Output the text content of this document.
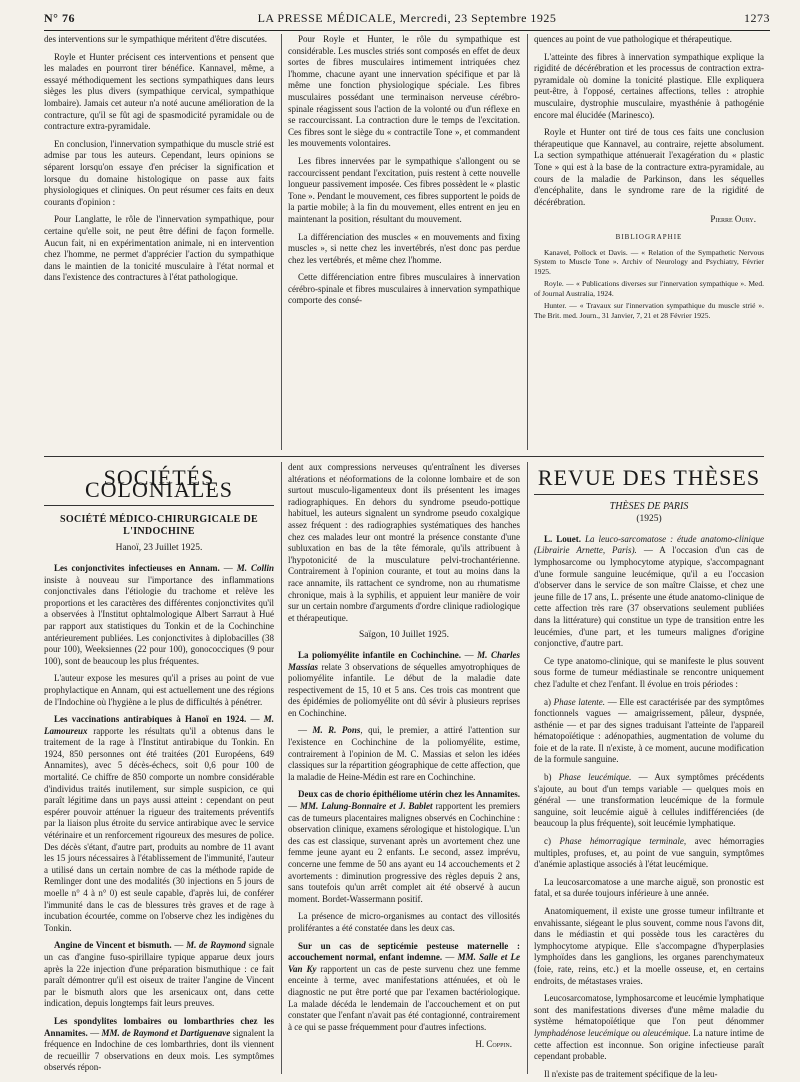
N° 76	LA PRESSE MÉDICALE, Mercredi, 23 Septembre 1925	1273

des interventions sur le sympathique méritent d'être discutées.

Royle et Hunter précisent ces interventions et pensent que les malades en pourront tirer bénéfice. Kannavel, même, a essayé méthodiquement les sections sympathiques dans leurs sièges les plus divers (sympathique cervical, sympathique lombaire). Jamais cet auteur n'a noté aucune amélioration de la contracture, qu'il se fût agi de spasmodicité pyramidale ou de contracture extra-pyramidale.

En conclusion, l'innervation sympathique du muscle strié est admise par tous les auteurs. Cependant, leurs opinions se séparent lorsqu'on essaye d'en préciser la signification et lorsque du domaine histologique on passe aux faits physiologiques et cliniques. On peut résumer ces faits en deux courants d'opinion :

Pour Langlatte, le rôle de l'innervation sympathique, pour certaine qu'elle soit, ne peut être défini de façon formelle. Aucun fait, ni en expérimentation animale, ni en intervention chez l'homme, ne permet d'apprécier l'action du sympathique dans le maintien de la tonicité musculaire à l'état normal et dans l'existence des contractures à l'état pathologique.

Pour Royle et Hunter, le rôle du sympathique est considérable. Les muscles striés sont composés en effet de deux sortes de fibres musculaires intimement intriquées chez l'homme, chacune ayant une innervation spécifique et par là même une fonction physiologique spéciale. Les fibres musculaires possédant une terminaison nerveuse cérébro-spinale réagissent sous l'action de la volonté ou d'un réflexe en se raccourcissant. La contraction dure le temps de l'excitation. Ces fibres sont le siège du « contractile Tone », et commandent les mouvements volontaires.

Les fibres innervées par le sympathique s'allongent ou se raccourcissent pendant l'excitation, puis restent à cette nouvelle longueur passivement imposée. Ces fibres possèdent le « plastic Tone ». Pendant le mouvement, ces fibres supportent le poids de la partie mobile; à la fin du mouvement, elles entrent en jeu en maintenant la position, résultant du mouvement.

La différenciation des muscles « en mouvements and fixing muscles », si nette chez les invertébrés, n'est donc pas perdue chez les vertébrés, et même chez l'homme.

Cette différenciation entre fibres musculaires à innervation cérébro-spinale et fibres musculaires à innervation sympathique comporte des consé-

quences au point de vue pathologique et thérapeutique.

L'atteinte des fibres à innervation sympathique explique la rigidité de décérébration et les processus de contraction extra-pyramidale où domine la tonicité plastique. Elle expliquera peut-être, à l'opposé, certaines affections, telles : atrophie musculaire, dystrophie musculaire, myasthénie à pathogénie encore mal élucidée (Marinesco).

Royle et Hunter ont tiré de tous ces faits une conclusion thérapeutique que Kannavel, au contraire, rejette absolument. La section sympathique atténuerait l'exagération du « plastic Tone » qui est à la base de la contracture extra-pyramidale, au cours de la maladie de Parkinson, dans les séquelles d'encéphalite, dans le syndrome rare de la rigidité de décérébration.

Pierre Oury.
BIBLIOGRAPHIE

Kanavel, Pollock et Davis. — « Relation of the Sympathetic Nervous System to Muscle Tone ». Archiv of Neurology and Psychiatry, Février 1925.

Royle. — « Publications diverses sur l'innervation sympathique ». Med. of Journal Australia, 1924.

Hunter. — « Travaux sur l'innervation sympathique du muscle strié ». The Brit. med. Journ., 31 Janvier, 7, 21 et 28 Février 1925.

SOCIÉTÉS COLONIALES
SOCIÉTÉ MÉDICO-CHIRURGICALE DE L'INDOCHINE
Hanoï, 23 Juillet 1925.

Les conjonctivites infectieuses en Annam. — M. Collin insiste à nouveau sur l'importance des inflammations conjonctivales dans l'étiologie du trachome et relève les proportions et les caractères des différentes conjonctivites qu'il a observées à l'Institut ophtalmologique Albert Sarraut à Hué par rapport aux statistiques du Tonkin et de la Cochinchine antérieurement publiées. Les conjonctivites à diplobacilles (38 pour 100), Weeksiennes (22 pour 100), gonococciques (9 pour 100), sont de beaucoup les plus fréquentes.

L'auteur expose les mesures qu'il a prises au point de vue prophylactique en Annam, qui est actuellement une des régions de l'Indochine où l'hygiène a le plus de difficultés à pénétrer.

Les vaccinations antirabiques à Hanoï en 1924. — M. Lamoureux rapporte les résultats qu'il a obtenus dans le traitement de la rage à l'Institut antirabique du Tonkin. En 1924, 850 personnes ont été traitées (201 Européens, 649 Annamites), avec 5 décès-échecs, soit 0,6 pour 100 de mortalité. Ce chiffre de 850 comporte un nombre considérable d'individus traités inutilement, sur simple suspicion, ce qui paraît légitime dans un pays aussi atteint : cependant on peut espérer pouvoir atténuer la rigueur des traitements préventifs par la liaison plus étroite du service antirabique avec le service vétérinaire et un renforcement rigoureux des mesures de police. Des décès s'étant, d'autre part, produits au nombre de 11 avant les 15 jours nécessaires à l'établissement de l'immunité, l'auteur a utilisé dans un certain nombre de cas la méthode rapide de Remlinger dont une des modalités (30 injections en 5 jours de moelle n° 4 à n° 0) est seule capable, d'après lui, de conférer l'immunité dans le cas de blessures très graves et de rage à incubation écourtée, comme on l'observe chez les indigènes du Tonkin.

Angine de Vincent et bismuth. — M. de Raymond signale un cas d'angine fuso-spirillaire typique apparue deux jours après la 22e injection d'une préparation bismuthique : ce fait paraît démontrer qu'il est oiseux de traiter l'angine de Vincent par le bismuth alors que les arsenicaux ont, dans cette indication, depuis longtemps fait leurs preuves.

Les spondylites lombaires ou lombarthries chez les Annamites. — MM. de Raymond et Dartiguenave signalent la fréquence en Indochine de ces lombarthries, dont ils viennent de recueillir 7 observations en deux mois. Les symptômes observés répon-

dent aux compressions nerveuses qu'entraînent les diverses altérations et néoformations de la colonne lombaire et de son surtout musculo-ligamenteux dont ils présentent les images radiographiques. En dehors du syndrome pseudo-pottique habituel, les auteurs signalent un syndrome pseudo coxalgique assez fréquent : des radiographies systématiques des hanches chez ces malades leur ont montré la présence constante d'une subluxation en bas de la tête fémorale, qu'ils attribuent à l'hypotonicité de la musculature pelvi-trochantérienne. Contrairement à l'opinion courante, et tout au moins dans la race annamite, ils rattachent ce syndrome, non au rhumatisme chronique, mais à la syphilis, et appuient leur manière de voir sur un certain nombre d'arguments d'ordre clinique radiologique et thérapeutique.

Saïgon, 10 Juillet 1925.

La poliomyélite infantile en Cochinchine. — M. Charles Massias relate 3 observations de séquelles amyotrophiques de poliomyélite infantile. Le début de la maladie date respectivement de 15, 10 et 5 ans. Ces trois cas montrent que des épidémies de poliomyélite ont dû sévir à plusieurs reprises en Cochinchine.

— M. R. Pons, qui, le premier, a attiré l'attention sur l'existence en Cochinchine de la poliomyélite, estime, contrairement à l'opinion de M. C. Massias et selon les idées classiques sur la répartition géographique de cette affection, que la maladie de Heine-Médin est rare en Cochinchine.

Deux cas de chorio épithéliome utérin chez les Annamites. — MM. Lalung-Bonnaire et J. Bablet rapportent les premiers cas de tumeurs placentaires malignes observés en Cochinchine : observation clinique, examens sérologique et histologique. L'un des cas est classique, survenant après un avortement chez une femme jeune ayant eu 2 enfants. Le second, assez imprévu, concerne une femme de 50 ans ayant eu 14 accouchements et 2 avortements : diminution progressive des règles depuis 2 ans, sans toutefois qu'un arrêt complet ait été observé à aucun moment. Bordet-Wassermann positif.

La présence de micro-organismes au contact des villosités proliférantes a été constatée dans les deux cas.

Sur un cas de septicémie pesteuse maternelle : accouchement normal, enfant indemne. — MM. Salle et Le Van Ky rapportent un cas de peste survenu chez une femme enceinte à terme, avec manifestations atténuées, et où le diagnostic ne put être porté que par l'examen bactériologique. La malade décéda le lendemain de l'accouchement et on put constater que l'enfant n'avait pas été contagionné, contrairement à ce qui se passe fréquemment pour d'autres infections.

H. Coppin.
REVUE DES THÈSES
THÈSES DE PARIS
(1925)

L. Louet. La leuco-sarcomatose : étude anatomo-clinique (Librairie Arnette, Paris). — A l'occasion d'un cas de lymphosarcome ou lymphocytome atypique, s'accompagnant d'une formule sanguine leucémique, qu'il a eu l'occasion d'observer dans le service de son maître Claisse, et chez une jeune fille de 17 ans, L. présente une étude anatomo-clinique de cette affection très rare (37 observations seulement publiées dans la littérature) qui constitue un type de transition entre les leucémies, d'une part, et les tumeurs malignes d'origine conjonctive, d'autre part.

Ce type anatomo-clinique, qui se manifeste le plus souvent sous forme de tumeur médiastinale se rencontre uniquement chez l'adulte et chez l'enfant. Il évolue en trois périodes :

a) Phase latente. — Elle est caractérisée par des symptômes fonctionnels vagues — amaigrissement, pâleur, dyspnée, asthénie — et par des signes traduisant l'atteinte de l'appareil hématopoïétique : adénopathies, augmentation de volume du foie et de la rate. Il n'existe, à ce moment, aucune modification de la formule sanguine.

b) Phase leucémique. — Aux symptômes précédents s'ajoute, au bout d'un temps variable — quelques mois en général — une transformation leucémique de la formule sanguine, soit leucémie aiguë à cellules indifférenciées (de beaucoup la plus fréquente), soit leucémie lymphatique.

c) Phase hémorragique terminale, avec hémorragies multiples, profuses, et, au point de vue sanguin, symptômes d'anémie aplastique associés à l'état leucémique.

La leucosarcomatose a une marche aiguë, son pronostic est fatal, et sa durée toujours inférieure à une année.

Anatomiquement, il existe une grosse tumeur infiltrante et envahissante, siégeant le plus souvent, comme nous l'avons dit, dans le médiastin et qui possède tous les caractères du lymphocytome atypique. Elle s'accompagne d'hyperplasies lymphoïdes dans les ganglions, les organes parenchymateux (foie, rate, reins, etc.) et la moelle osseuse, et, en certains endroits, de métastases vraies.

Leucosarcomatose, lymphosarcome et leucémie lymphatique sont des manifestations diverses d'une même maladie du système hématopoïétique que l'on peut dénommer lymphadénose leucémique ou aleucémique. La nature intime de cette affection est inconnue. Son origine infectieuse paraît cependant probable.

Il n'existe pas de traitement spécifique de la leu-
